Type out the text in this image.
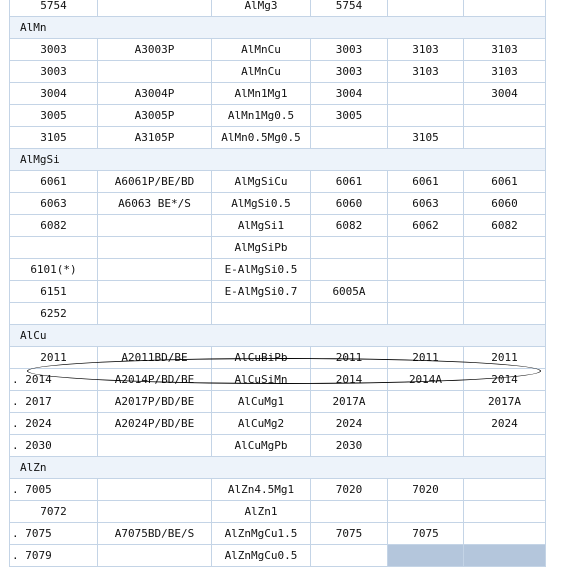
5754		AlMg3	5754		
AlMn					
3003	A3003P	AlMnCu	3003	3103	3103
3003		AlMnCu	3003	3103	3103
3004	A3004P	AlMn1Mg1	3004		3004
3005	A3005P	AlMn1Mg0.5	3005		
3105	A3105P	AlMn0.5Mg0.5		3105	
AlMgSi					
6061	A6061P/BE/BD	AlMgSiCu	6061	6061	6061
6063	A6063 BE*/S	AlMgSi0.5	6060	6063	6060
6082		AlMgSi1	6082	6062	6082
		AlMgSiPb			
6101(*)		E-AlMgSi0.5			
6151		E-AlMgSi0.7	6005A		
6252					
AlCu					
2011	A2011BD/BE	AlCuBiPb	2011	2011	2011
. 2014	A2014P/BD/BE	AlCuSiMn	2014	2014A	2014
. 2017	A2017P/BD/BE	AlCuMg1	2017A		2017A
. 2024	A2024P/BD/BE	AlCuMg2	2024		2024
. 2030		AlCuMgPb	2030		
AlZn					
. 7005		AlZn4.5Mg1	7020	7020	
7072		AlZn1			
. 7075	A7075BD/BE/S	AlZnMgCu1.5	7075	7075	
. 7079		AlZnMgCu0.5			
